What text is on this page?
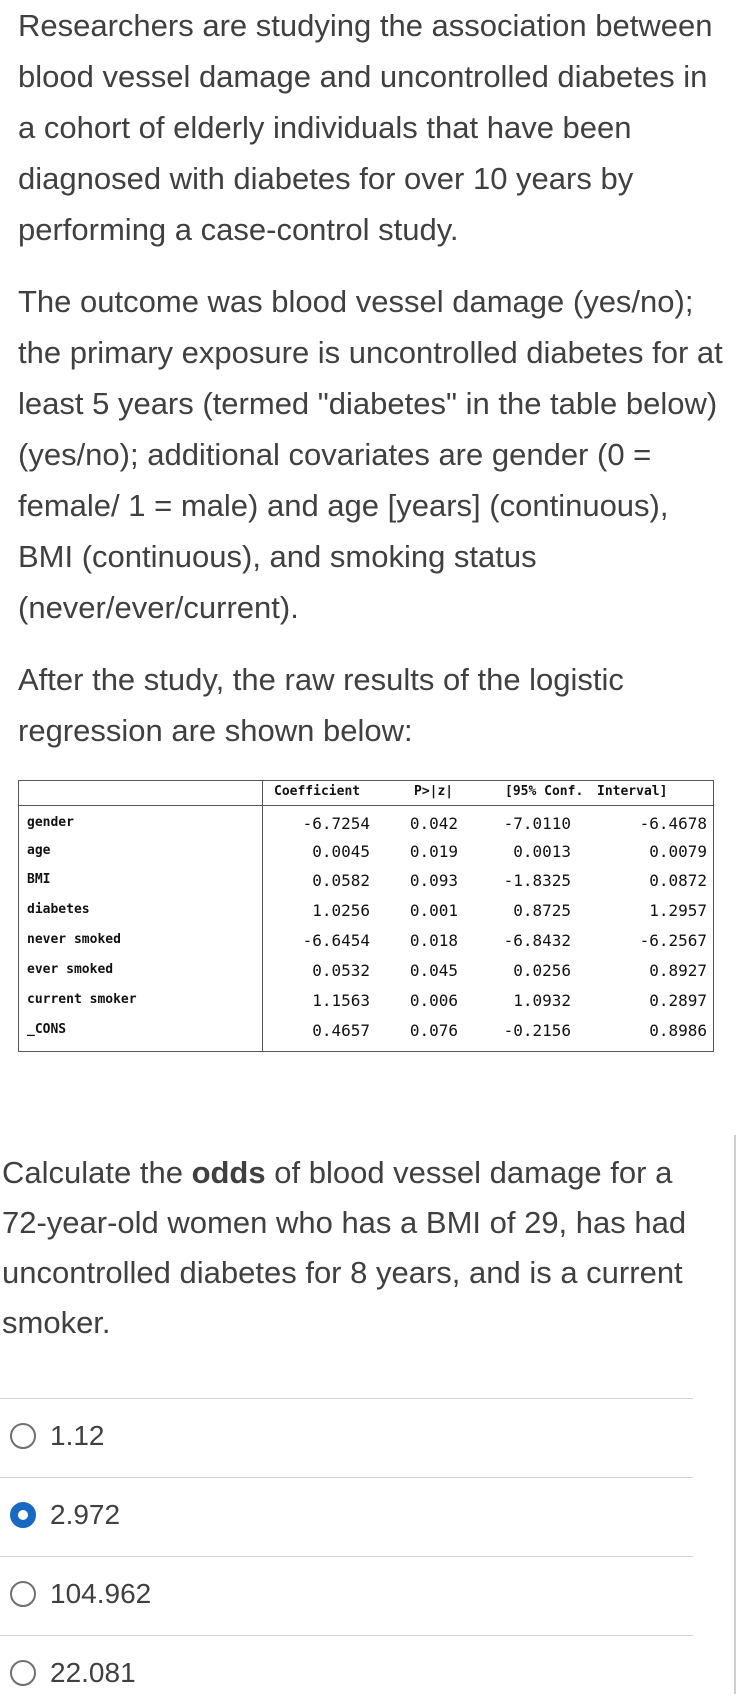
Researchers are studying the association between blood vessel damage and uncontrolled diabetes in a cohort of elderly individuals that have been diagnosed with diabetes for over 10 years by performing a case-control study.

The outcome was blood vessel damage (yes/no); the primary exposure is uncontrolled diabetes for at least 5 years (termed "diabetes" in the table below) (yes/no); additional covariates are gender (0 = female/ 1 = male) and age [years] (continuous), BMI (continuous), and smoking status (never/ever/current).

After the study, the raw results of the logistic regression are shown below:

Coefficient	P>|z|	[95% Conf. Interval]
gender	-6.7254 0.042	-7.0110	-6.4678
age	0.0045 0.019	0.0013	0.0079
BMI	0.0582 0.093	-1.8325	0.0872
diabetes	1.0256 0.001	0.8725	1.2957
never smoked	-6.6454 0.018	-6.8432	-6.2567
ever smoked	0.0532 0.045	0.0256	0.8927
current smoker	1.1563 0.006	1.0932	0.2897
_CONS	0.4657 0.076	-0.2156	0.8986

Calculate the odds of blood vessel damage for a 72-year-old women who has a BMI of 29, has had uncontrolled diabetes for 8 years, and is a current smoker.

1.12
2.972
104.962
22.081
